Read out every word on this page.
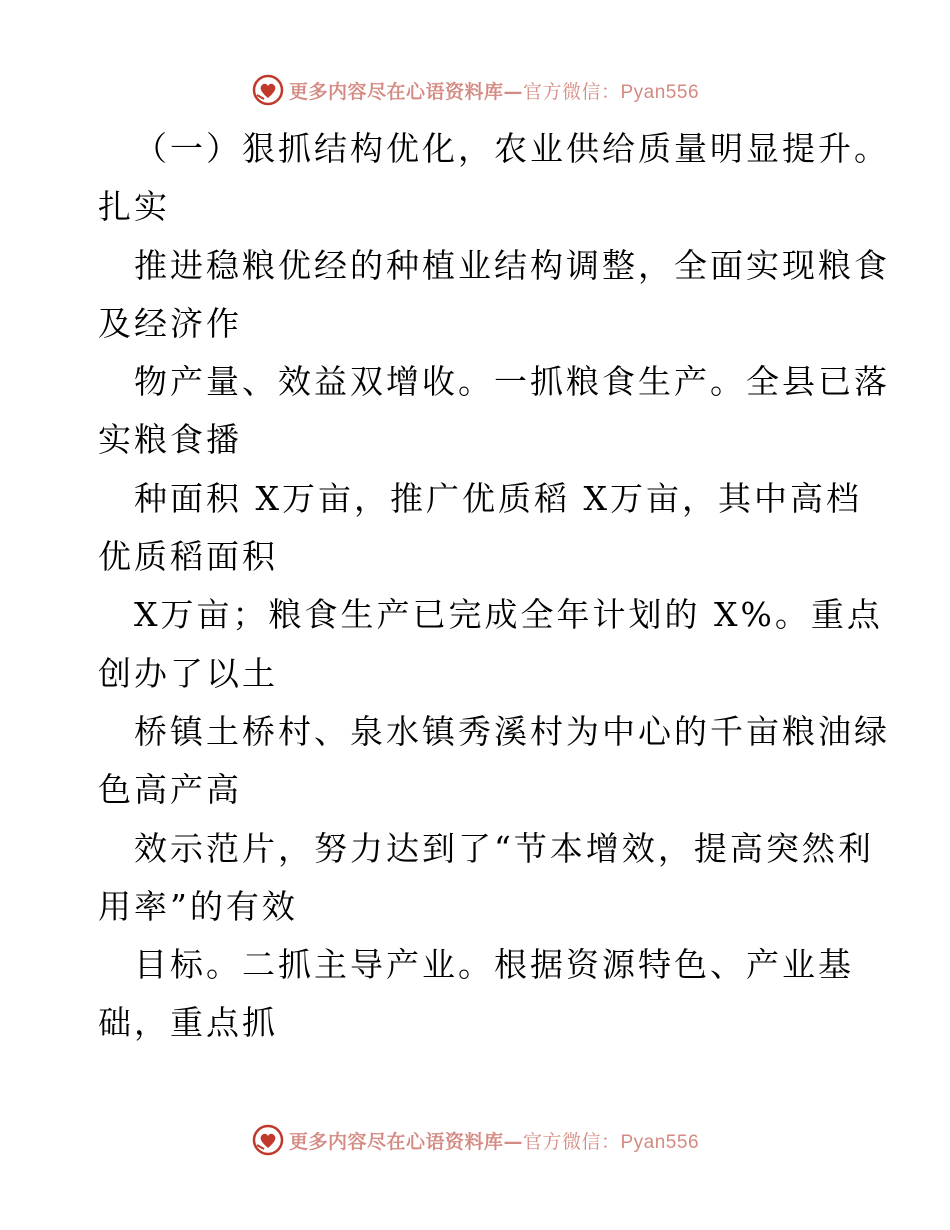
更多内容尽在心语资料库—官方微信：Pyan556
（一）狠抓结构优化，农业供给质量明显提升。
扎实
推进稳粮优经的种植业结构调整，全面实现粮食
及经济作
物产量、效益双增收。一抓粮食生产。全县已落
实粮食播
种面积 X万亩，推广优质稻 X万亩，其中高档
优质稻面积
X万亩；粮食生产已完成全年计划的 X%。重点
创办了以土
桥镇土桥村、泉水镇秀溪村为中心的千亩粮油绿
色高产高
效示范片，努力达到了“节本增效，提高突然利
用率”的有效
目标。二抓主导产业。根据资源特色、产业基
础，重点抓
更多内容尽在心语资料库—官方微信：Pyan556
